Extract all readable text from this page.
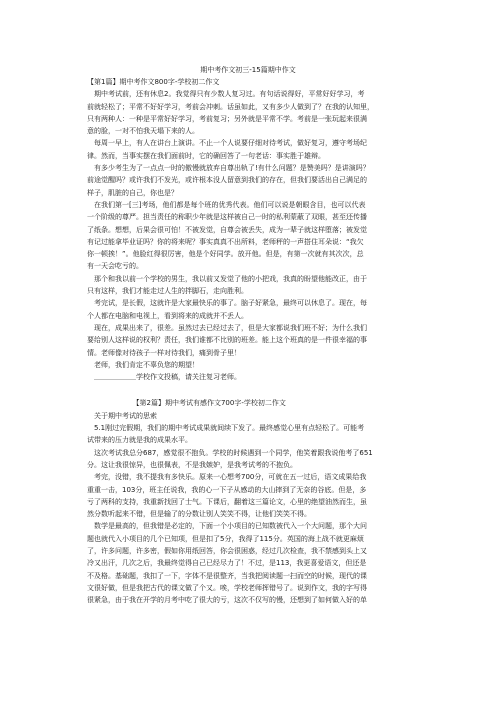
期中考作文初三-15篇期中作文
【第1篇】期中考作文800字-学校初二作文
　期中考试前，还有休息2。我觉得只有少数人复习过。有句话说得好，平常好好学习，考
前就轻松了；平常不好好学习，考前会冲刺。话虽如此，又有多少人做到了？在我的认知里，
只有两种人：一种是平常好好学习，考前复习；另外就是平常不学。考前是一张玩起来很满
意的脸，一对不怕我天塌下来的人。
　每周一早上，有人在讲台上演讲。不止一个人说要仔细对待考试，做好复习，遵守考场纪
律。然而，当事实摆在我们面前时，它的确回答了一句老话：事实胜于雄辩。
　有多少考生为了一点点一时的傲慢就放弃自尊出轨了!有什么问题？是赞美吗？是讲演吗？
前途觉醒吗？或许我们不发光，或许根本没人留意到我们的存在，但我们要活出自己满足的
样子，肌脏的自己，你也是？
　在我们第一[三]考场，他们都是每个班的优秀代表。他们可以说是朝眼含目，也可以代表
一个阶级的尊严。担当责任的称职少年就是这样被自己一时的私利蒙蔽了双眼，甚至还传播
了纸条。想想，后果会很可怕！不被发觉，自尊会被丢失，成为一辈子就这样堕落；被发觉
有记过能拿毕业证吗？你的将来呢？事实真真不出所料，老师秤的一声搭住耳朵说：“我欠
你一顿挨！”。他脸红得很厉害，他是个好同学。放开他。但是，有第一次就有其次次，总
有一天会吃亏的。
　那个和我以前一个学校的男生，我以前又发觉了他的小把戏，我真的盼望他能改正，由于
只有这样，我们才能走过人生的拌脚石，走向胜利。
　考完试，是长假，这就许是大家最快乐的事了。脑子好紧急，最终可以休息了。现在，每
个人都在电脑和电视上，看到将来的成就并不丢人。
　现在，成果出来了，很差。虽然过去已经过去了，但是大家都说我们班不好；为什么我们
要给别人这样说的权利？责任，我们谁都不比别的班差。能上这个班真的是一件很幸福的事
情。老师像对待孩子一样对待我们，痛到骨子里！
　老师，我们肯定不辜负您的期望！
　＿＿＿＿＿＿学校作文投稿，请关注复习老师。
　　　　　　　【第2篇】期中考试有感作文700字-学校初二作文
　关于期中考试的思索
　5.1刚过完假期，我们的期中考试成果就间续下发了。最终感觉心里有点轻松了。可能考
试带来的压力就是我的成果水平。
　这次考试我总分687，感觉很不抱负。学校的时候遇到一个同学，他笑着跟我说他考了651
分。这让我很惊异，也很佩表，不是我嫉妒，是我考试考的不抱负。
　考完，没错，我不提我有多快乐。原来一心想考700分，可就在五一过后，语文成果给我
重重一击，103分，班主任说我，我的心一下子从感动的大山摔到了无奈的谷底。但是，多
亏了两科的支持，我重新找回了士气。下课后，翻着这三篇论文，心里的绝望油然而生，虽
然分数听起来不错，但是输了的分数让别人笑笑不得，让他们笑笑不得。
　数学是最高的，但我错是必定的，下面一个小项目的已知数被代入一个大问题，那个大问
题也就代入小项目的几个已知项，但是扣了5分，我得了115分。英国的海上战不就更麻烦
了，许多问题，许多密，假如你用纸回答，你会很困惑，经过几次检查，我不禁感到头上又
冷又出汗，几次之后，我最终觉得自己已经尽力了！不过，是113，我更喜爱语文，但还是
不及格。基础题，我扣了一下，字体不是很整齐，当我把阅读题一扫而空的时候，现代的课
文很好做，但是我把古代的课文做了个又。唉，学校老师挥错号了。说到作文，我的字写得
很紧急，由于我在开学的月考中吃了很大的亏，这次不仅写的慢，还想到了如何做入好的单
